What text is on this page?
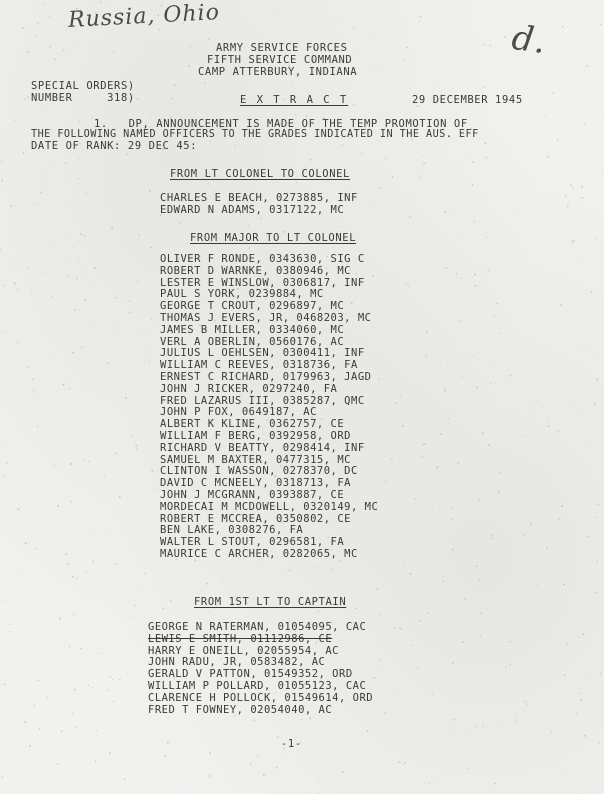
Russia, Ohio
d.
ARMY SERVICE FORCES
FIFTH SERVICE COMMAND
CAMP ATTERBURY, INDIANA
SPECIAL ORDERS)
NUMBER     318)	E X T R A C T	29 DECEMBER 1945
1.   DP, ANNOUNCEMENT IS MADE OF THE TEMP PROMOTION OF
THE FOLLOWING NAMED OFFICERS TO THE GRADES INDICATED IN THE AUS. EFF
DATE OF RANK: 29 DEC 45:
FROM LT COLONEL TO COLONEL
CHARLES E BEACH, 0273885, INF
EDWARD N ADAMS, 0317122, MC
FROM MAJOR TO LT COLONEL
OLIVER F RONDE, 0343630, SIG C
ROBERT D WARNKE, 0380946, MC
LESTER E WINSLOW, 0306817, INF
PAUL S YORK, 0239884, MC
GEORGE T CROUT, 0296897, MC
THOMAS J EVERS, JR, 0468203, MC
JAMES B MILLER, 0334060, MC
VERL A OBERLIN, 0560176, AC
JULIUS L OEHLSEN, 0300411, INF
WILLIAM C REEVES, 0318736, FA
ERNEST C RICHARD, 0179963, JAGD
JOHN J RICKER, 0297240, FA
FRED LAZARUS III, 0385287, QMC
JOHN P FOX, 0649187, AC
ALBERT K KLINE, 0362757, CE
WILLIAM F BERG, 0392958, ORD
RICHARD V BEATTY, 0298414, INF
SAMUEL M BAXTER, 0477315, MC
CLINTON I WASSON, 0278370, DC
DAVID C MCNEELY, 0318713, FA
JOHN J MCGRANN, 0393887, CE
MORDECAI M MCDOWELL, 0320149, MC
ROBERT E MCCREA, 0350802, CE
BEN LAKE, 0308276, FA
WALTER L STOUT, 0296581, FA
MAURICE C ARCHER, 0282065, MC
FROM 1ST LT TO CAPTAIN
GEORGE N RATERMAN, 01054095, CAC
LEWIS E SMITH, 01112986, CE
HARRY E ONEILL, 02055954, AC
JOHN RADU, JR, 0583482, AC
GERALD V PATTON, 01549352, ORD
WILLIAM P POLLARD, 01055123, CAC
CLARENCE H POLLOCK, 01549614, ORD
FRED T FOWNEY, 02054040, AC
-1-
